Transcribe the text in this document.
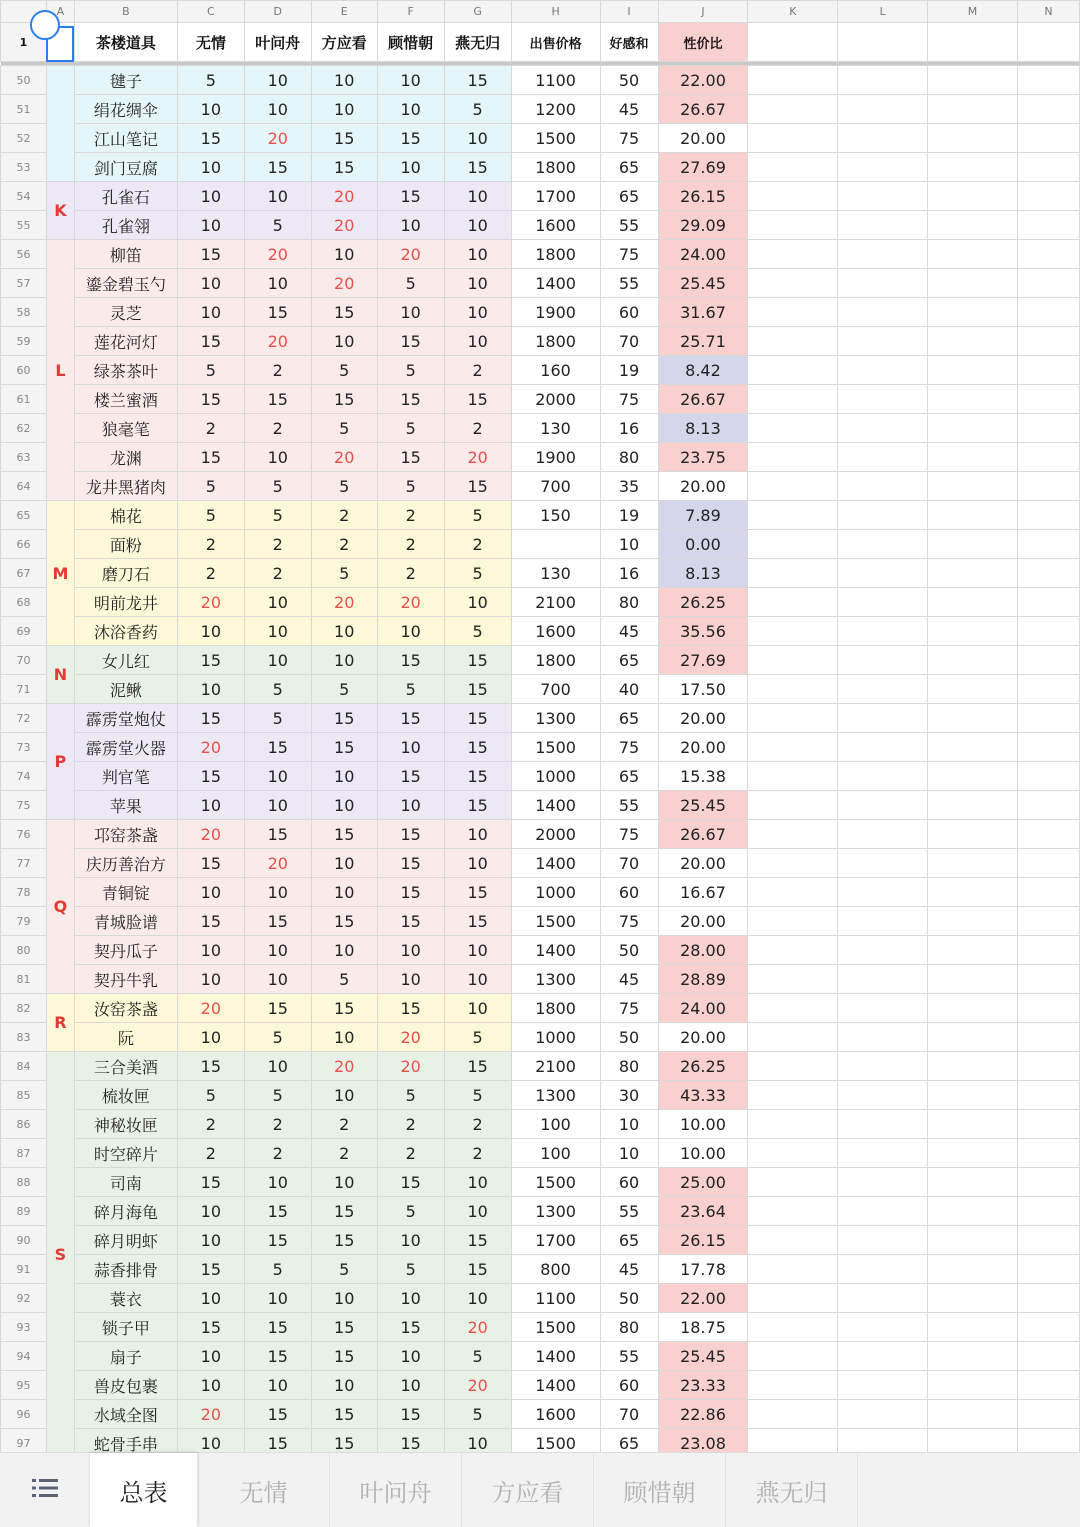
	A	B	C	D	E	F	G	H	I	J	K	L	M	N
1		茶楼道具	无情	叶问舟	方应看	顾惜朝	燕无归	出售价格	好感和	性价比				

50		毽子	5	10	10	10	15	1100	50	22.00				
51		绢花绸伞	10	10	10	10	5	1200	45	26.67				
52		江山笔记	15	20	15	15	10	1500	75	20.00				
53		剑门豆腐	10	15	15	10	15	1800	65	27.69				
54	K	孔雀石	10	10	20	15	10	1700	65	26.15				
55		孔雀翎	10	5	20	10	10	1600	55	29.09				
56	L	柳笛	15	20	10	20	10	1800	75	24.00				
57		鎏金碧玉勺	10	10	20	5	10	1400	55	25.45				
58		灵芝	10	15	15	10	10	1900	60	31.67				
59		莲花河灯	15	20	10	15	10	1800	70	25.71				
60		绿茶茶叶	5	2	5	5	2	160	19	8.42				
61		楼兰蜜酒	15	15	15	15	15	2000	75	26.67				
62		狼毫笔	2	2	5	5	2	130	16	8.13				
63		龙渊	15	10	20	15	20	1900	80	23.75				
64		龙井黑猪肉	5	5	5	5	15	700	35	20.00				
65	M	棉花	5	5	2	2	5	150	19	7.89				
66		面粉	2	2	2	2	2		10	0.00				
67		磨刀石	2	2	5	2	5	130	16	8.13				
68		明前龙井	20	10	20	20	10	2100	80	26.25				
69		沐浴香药	10	10	10	10	5	1600	45	35.56				
70	N	女儿红	15	10	10	15	15	1800	65	27.69				
71		泥鳅	10	5	5	5	15	700	40	17.50				
72	P	霹雳堂炮仗	15	5	15	15	15	1300	65	20.00				
73		霹雳堂火器	20	15	15	10	15	1500	75	20.00				
74		判官笔	15	10	10	15	15	1000	65	15.38				
75		苹果	10	10	10	10	15	1400	55	25.45				
76	Q	邛窑茶盏	20	15	15	15	10	2000	75	26.67				
77		庆历善治方	15	20	10	15	10	1400	70	20.00				
78		青铜锭	10	10	10	15	15	1000	60	16.67				
79		青城脸谱	15	15	15	15	15	1500	75	20.00				
80		契丹瓜子	10	10	10	10	10	1400	50	28.00				
81		契丹牛乳	10	10	5	10	10	1300	45	28.89				
82	R	汝窑茶盏	20	15	15	15	10	1800	75	24.00				
83		阮	10	5	10	20	5	1000	50	20.00				
84	S	三合美酒	15	10	20	20	15	2100	80	26.25				
85		梳妆匣	5	5	10	5	5	1300	30	43.33				
86		神秘妆匣	2	2	2	2	2	100	10	10.00				
87		时空碎片	2	2	2	2	2	100	10	10.00				
88		司南	15	10	10	15	10	1500	60	25.00				
89		碎月海龟	10	15	15	5	10	1300	55	23.64				
90		碎月明虾	10	15	15	10	15	1700	65	26.15				
91		蒜香排骨	15	5	5	5	15	800	45	17.78				
92		蓑衣	10	10	10	10	10	1100	50	22.00				
93		锁子甲	15	15	15	15	20	1500	80	18.75				
94		扇子	10	15	15	10	5	1400	55	25.45				
95		兽皮包裹	10	10	10	10	20	1400	60	23.33				
96		水域全图	20	15	15	15	5	1600	70	22.86				
97		蛇骨手串	10	15	15	15	10	1500	65	23.08				
总表	无情	叶问舟	方应看	顾惜朝	燕无归
